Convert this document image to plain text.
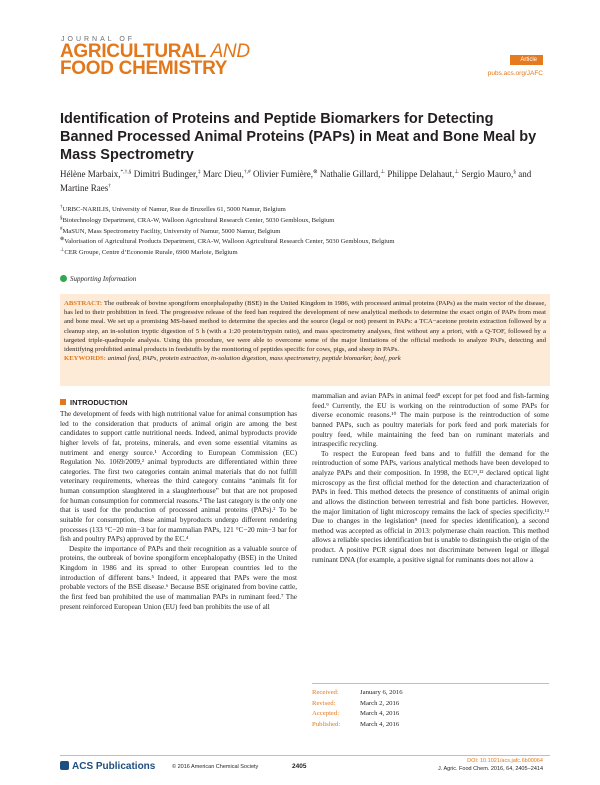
JOURNAL OF
AGRICULTURAL AND
FOOD CHEMISTRY	Article
pubs.acs.org/JAFC
Identification of Proteins and Peptide Biomarkers for Detecting Banned Processed Animal Proteins (PAPs) in Meat and Bone Meal by Mass Spectrometry
Hélène Marbaix,*,†,§ Dimitri Budinger,‡ Marc Dieu,†,# Olivier Fumière,⊗ Nathalie Gillard,⊥ Philippe Delahaut,⊥ Sergio Mauro,§ and Martine Raes†
†URBC-NARILIS, University of Namur, Rue de Bruxelles 61, 5000 Namur, Belgium
§Biotechnology Department, CRA-W, Walloon Agricultural Research Center, 5030 Gembloux, Belgium
#MaSUN, Mass Spectrometry Facility, University of Namur, 5000 Namur, Belgium
⊗Valorisation of Agricultural Products Department, CRA-W, Walloon Agricultural Research Center, 5030 Gembloux, Belgium
⊥CER Groupe, Centre d’Economie Rurale, 6900 Marloie, Belgium
Supporting Information
ABSTRACT: The outbreak of bovine spongiform encephalopathy (BSE) in the United Kingdom in 1986, with processed animal proteins (PAPs) as the main vector of the disease, has led to their prohibition in feed. The progressive release of the feed ban required the development of new analytical methods to determine the exact origin of PAPs from meat and bone meal. We set up a promising MS-based method to determine the species and the source (legal or not) present in PAPs: a TCA−acetone protein extraction followed by a cleanup step, an in-solution tryptic digestion of 5 h (with a 1:20 protein/trypsin ratio), and mass spectrometry analyses, first without any a priori, with a Q-TOF, followed by a targeted triple-quadrupole analysis. Using this procedure, we were able to overcome some of the major limitations of the official methods to analyze PAPs, detecting and identifying prohibited animal products in feedstuffs by the monitoring of peptides specific for cows, pigs, and sheep in PAPs.
KEYWORDS: animal feed, PAPs, protein extraction, in-solution digestion, mass spectrometry, peptide biomarker, beef, pork
INTRODUCTION

The development of feeds with high nutritional value for animal consumption has led to the consideration that products of animal origin are among the best candidates to support cattle nutritional needs. Indeed, animal byproducts provide higher levels of fat, proteins, minerals, and even some essential vitamins as nutriment and energy source.¹ According to European Commission (EC) Regulation No. 1069/2009,² animal byproducts are differentiated within three categories. The first two categories contain animal materials that do not fulfill veterinary requirements, whereas the third category contains “animals fit for human consumption slaughtered in a slaughterhouse” but that are not proposed for human consumption for commercial reasons.² The last category is the only one that is used for the production of processed animal proteins (PAPs).² To be suitable for consumption, these animal byproducts undergo different rendering processes (133 °C−20 min−3 bar for mammalian PAPs, 121 °C−20 min−3 bar for fish and poultry PAPs) approved by the EC.⁴

Despite the importance of PAPs and their recognition as a valuable source of proteins, the outbreak of bovine spongiform encephalopathy (BSE) in the United Kingdom in 1986 and its spread to other European countries led to the introduction of different bans.⁵ Indeed, it appeared that PAPs were the most probable vectors of the BSE disease.⁶ Because BSE originated from bovine cattle, the first feed ban prohibited the use of mammalian PAPs in ruminant feed.⁷ The present reinforced European Union (EU) feed ban prohibits the use of all

mammalian and avian PAPs in animal feed⁸ except for pet food and fish-farming feed.⁹ Currently, the EU is working on the reintroduction of some PAPs for diverse economic reasons.¹⁰ The main purpose is the reintroduction of some banned PAPs, such as poultry materials for pork feed and pork materials for poultry feed, while maintaining the feed ban on ruminant materials and intraspecific recycling.

To respect the European feed bans and to fulfill the demand for the reintroduction of some PAPs, various analytical methods have been developed to analyze PAPs and their composition. In 1998, the EC¹¹,¹² declared optical light microscopy as the first official method for the detection and characterization of PAPs in feed. This method detects the presence of constituents of animal origin and allows the distinction between terrestrial and fish bone particles. However, the major limitation of light microscopy remains the lack of species specificity.¹³ Due to changes in the legislation⁹ (need for species identification), a second method was accepted as official in 2013: polymerase chain reaction. This method allows a reliable species identification but is unable to distinguish the origin of the product. A positive PCR signal does not discriminate between legal or illegal ruminant DNA (for example, a positive signal for ruminants does not allow a

Received:	January 6, 2016
Revised:	March 2, 2016
Accepted:	March 4, 2016
Published:	March 4, 2016
ACS Publications	© 2016 American Chemical Society	2405
DOI: 10.1021/acs.jafc.6b00064
J. Agric. Food Chem. 2016, 64, 2405−2414
